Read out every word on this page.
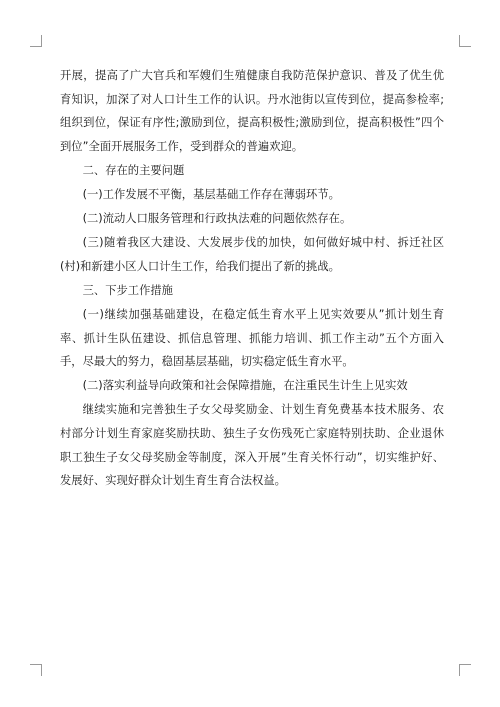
开展，提高了广大官兵和军嫂们生殖健康自我防范保护意识、普及了优生优育知识，加深了对人口计生工作的认识。丹水池街以宣传到位，提高参检率;组织到位，保证有序性;激励到位，提高积极性;激励到位，提高积极性”四个到位”全面开展服务工作，受到群众的普遍欢迎。

二、存在的主要问题

(一)工作发展不平衡，基层基础工作存在薄弱环节。

(二)流动人口服务管理和行政执法难的问题依然存在。

(三)随着我区大建设、大发展步伐的加快，如何做好城中村、拆迁社区(村)和新建小区人口计生工作，给我们提出了新的挑战。

三、下步工作措施

(一)继续加强基础建设，在稳定低生育水平上见实效要从”抓计划生育率、抓计生队伍建设、抓信息管理、抓能力培训、抓工作主动”五个方面入手，尽最大的努力，稳固基层基础，切实稳定低生育水平。

(二)落实利益导向政策和社会保障措施，在注重民生计生上见实效

继续实施和完善独生子女父母奖励金、计划生育免费基本技术服务、农村部分计划生育家庭奖励扶助、独生子女伤残死亡家庭特别扶助、企业退休职工独生子女父母奖励金等制度，深入开展”生育关怀行动”，切实维护好、发展好、实现好群众计划生育生育合法权益。
